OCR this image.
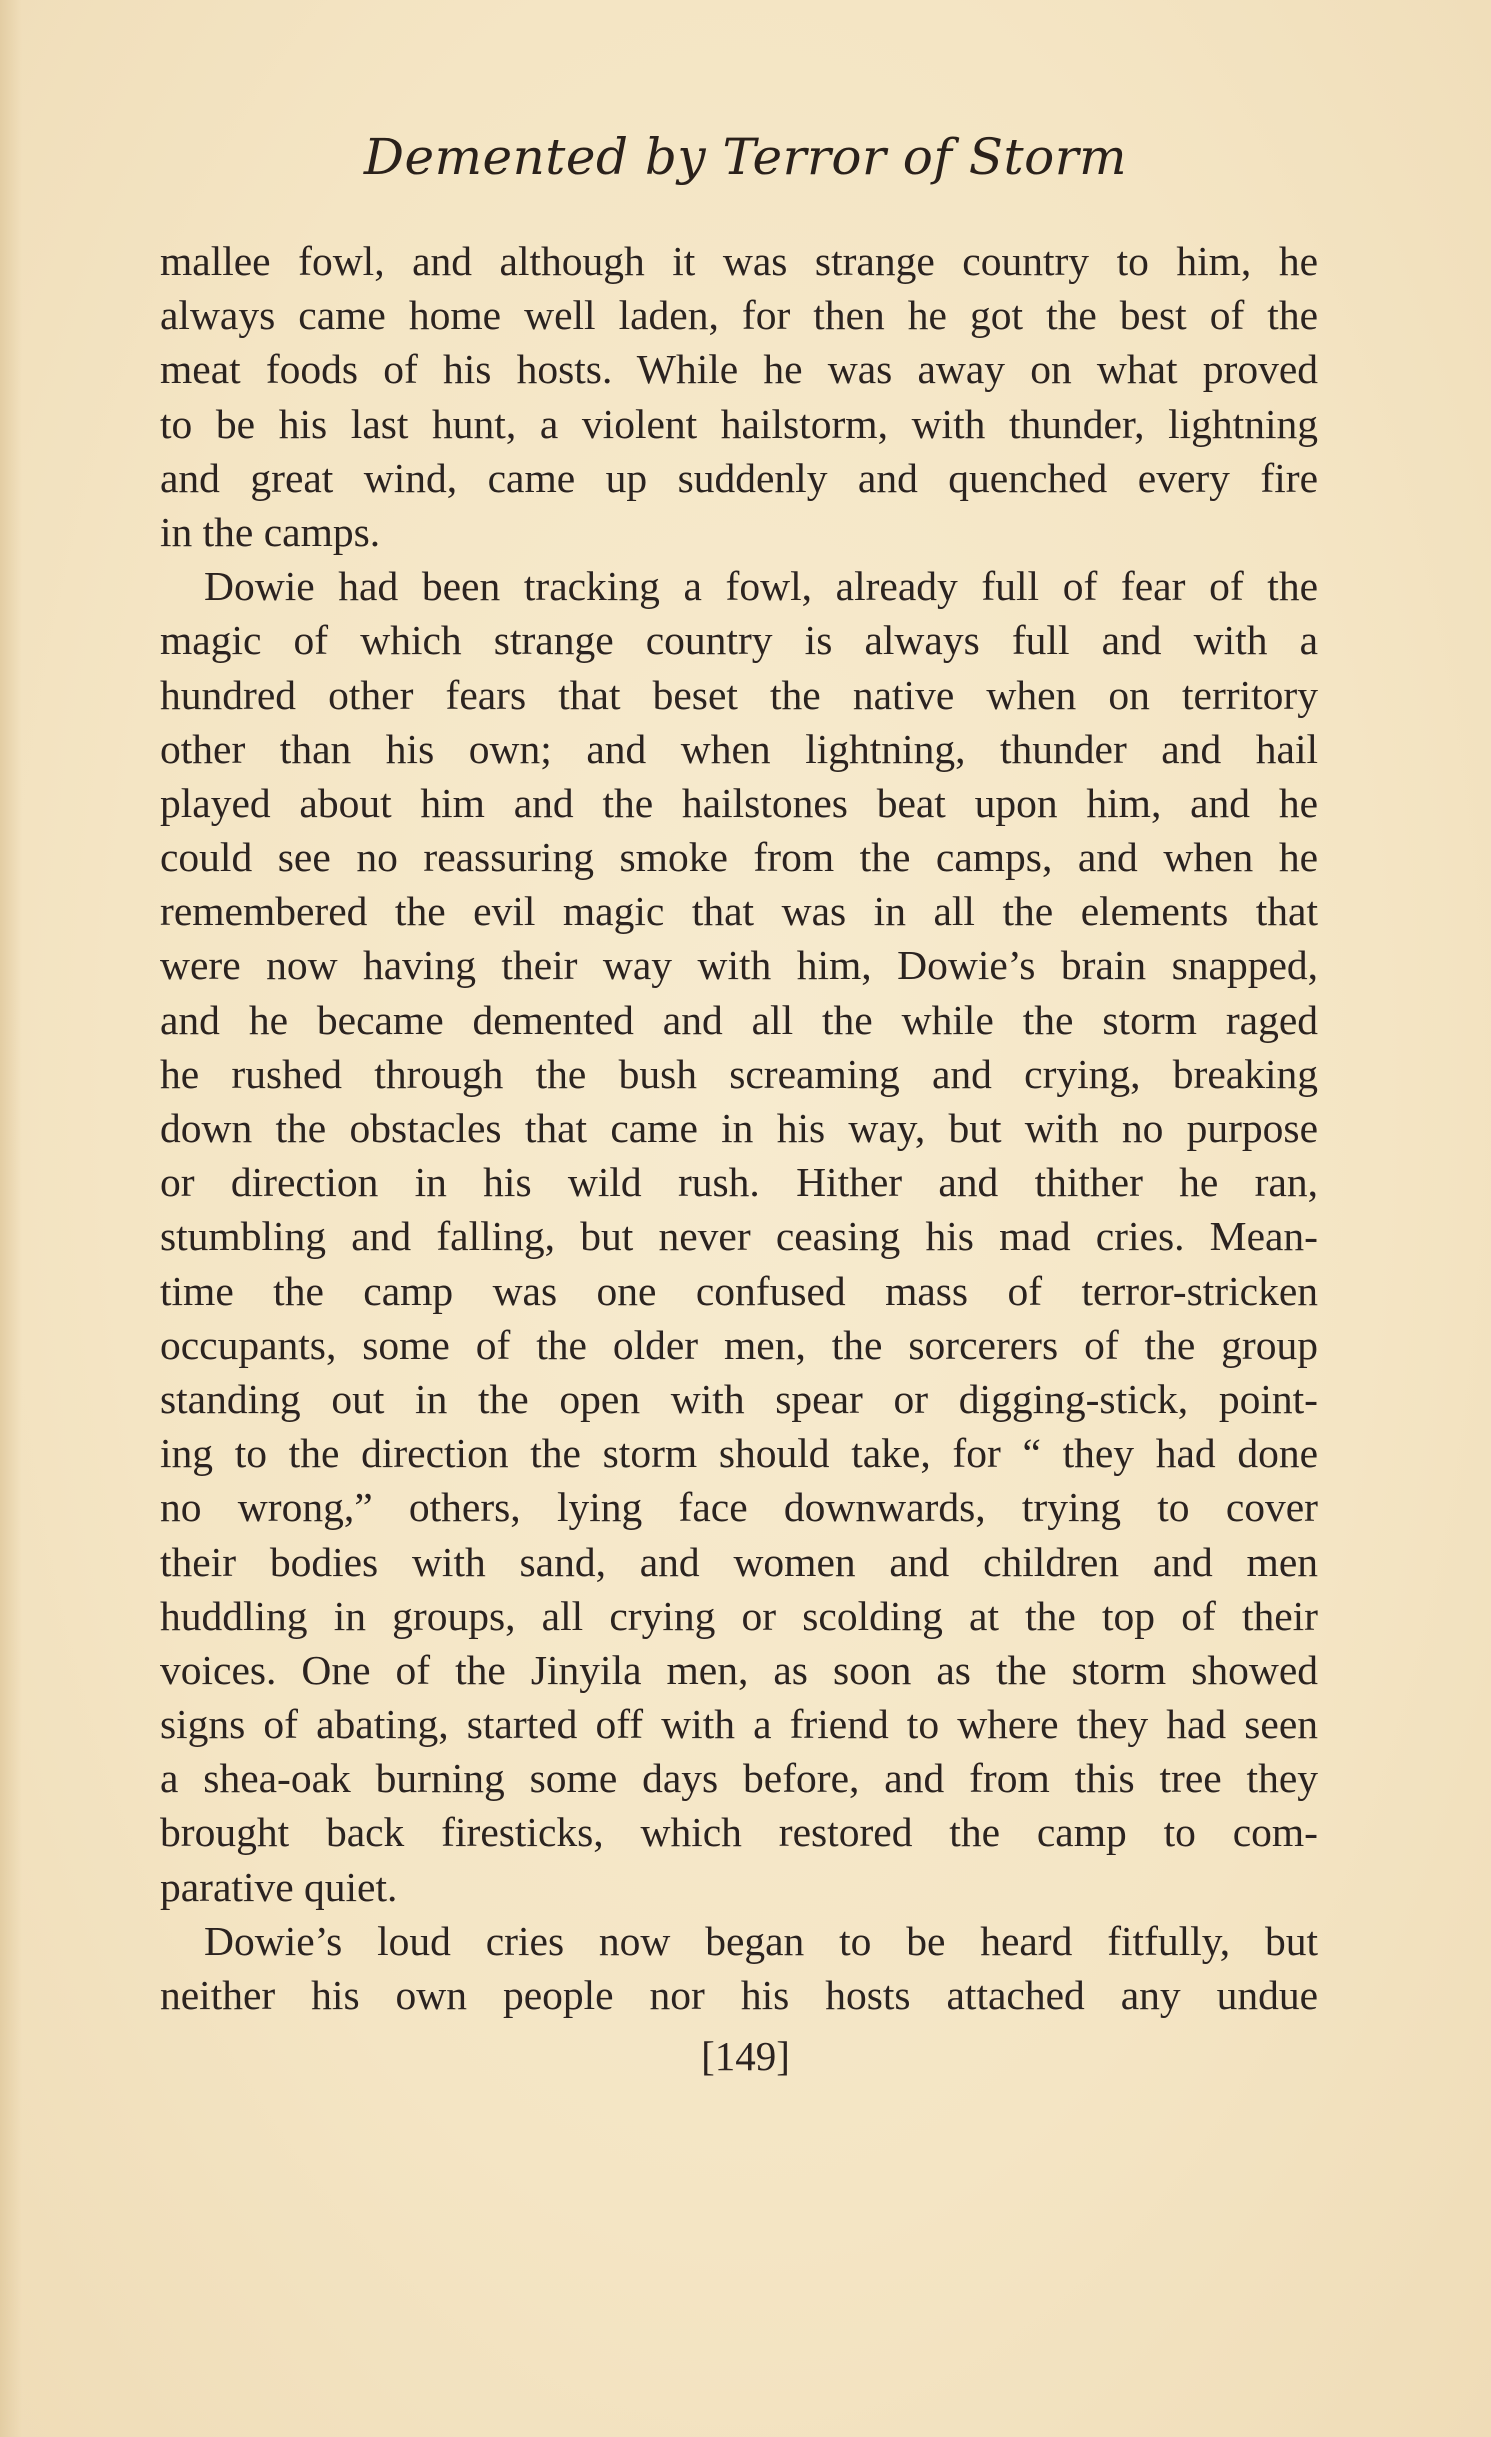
Demented by Terror of Storm
mallee fowl, and although it was strange country to him, he
always came home well laden, for then he got the best of the
meat foods of his hosts. While he was away on what proved
to be his last hunt, a violent hailstorm, with thunder, lightning
and great wind, came up suddenly and quenched every fire
in the camps.
Dowie had been tracking a fowl, already full of fear of the
magic of which strange country is always full and with a
hundred other fears that beset the native when on territory
other than his own; and when lightning, thunder and hail
played about him and the hailstones beat upon him, and he
could see no reassuring smoke from the camps, and when he
remembered the evil magic that was in all the elements that
were now having their way with him, Dowie’s brain snapped,
and he became demented and all the while the storm raged
he rushed through the bush screaming and crying, breaking
down the obstacles that came in his way, but with no purpose
or direction in his wild rush. Hither and thither he ran,
stumbling and falling, but never ceasing his mad cries. Mean-
time the camp was one confused mass of terror-stricken
occupants, some of the older men, the sorcerers of the group
standing out in the open with spear or digging-stick, point-
ing to the direction the storm should take, for “ they had done
no wrong,” others, lying face downwards, trying to cover
their bodies with sand, and women and children and men
huddling in groups, all crying or scolding at the top of their
voices. One of the Jinyila men, as soon as the storm showed
signs of abating, started off with a friend to where they had seen
a shea-oak burning some days before, and from this tree they
brought back firesticks, which restored the camp to com-
parative quiet.
Dowie’s loud cries now began to be heard fitfully, but
neither his own people nor his hosts attached any undue
[149]
